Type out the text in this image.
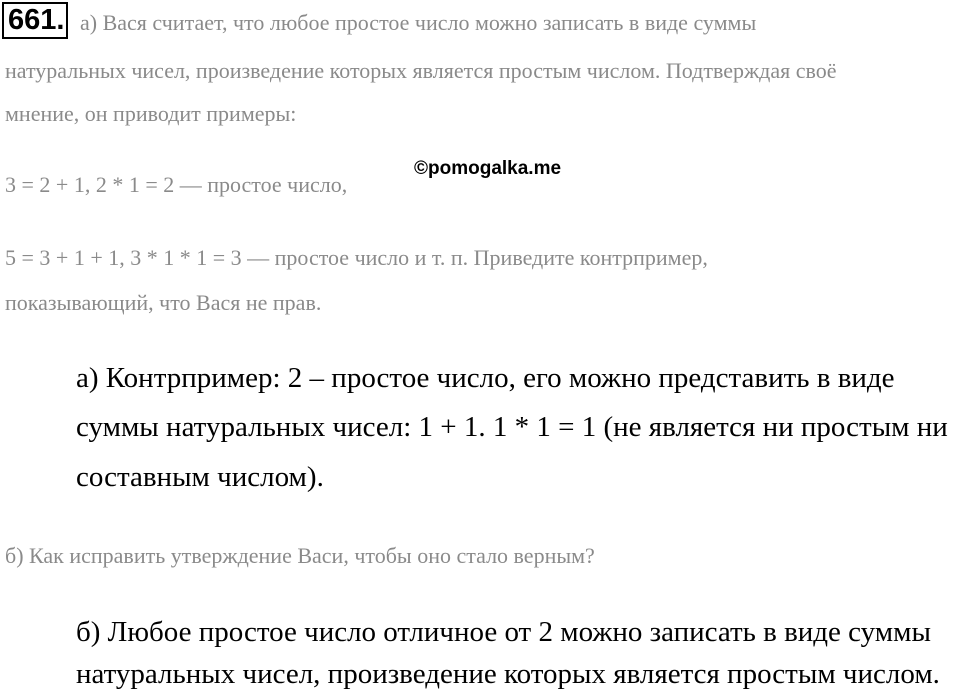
661. а) Вася считает, что любое простое число можно записать в виде суммы

натуральных чисел, произведение которых является простым числом. Подтверждая своё

мнение, он приводит примеры:

3 = 2 + 1, 2 * 1 = 2 — простое число,

©pomogalka.me

5 = 3 + 1 + 1, 3 * 1 * 1 = 3 — простое число и т. п. Приведите контрпример,

показывающий, что Вася не прав.

а) Контрпример: 2 – простое число, его можно представить в виде

суммы натуральных чисел: 1 + 1. 1 * 1 = 1 (не является ни простым ни

составным числом).

б) Как исправить утверждение Васи, чтобы оно стало верным?

б) Любое простое число отличное от 2 можно записать в виде суммы

натуральных чисел, произведение которых является простым числом.
